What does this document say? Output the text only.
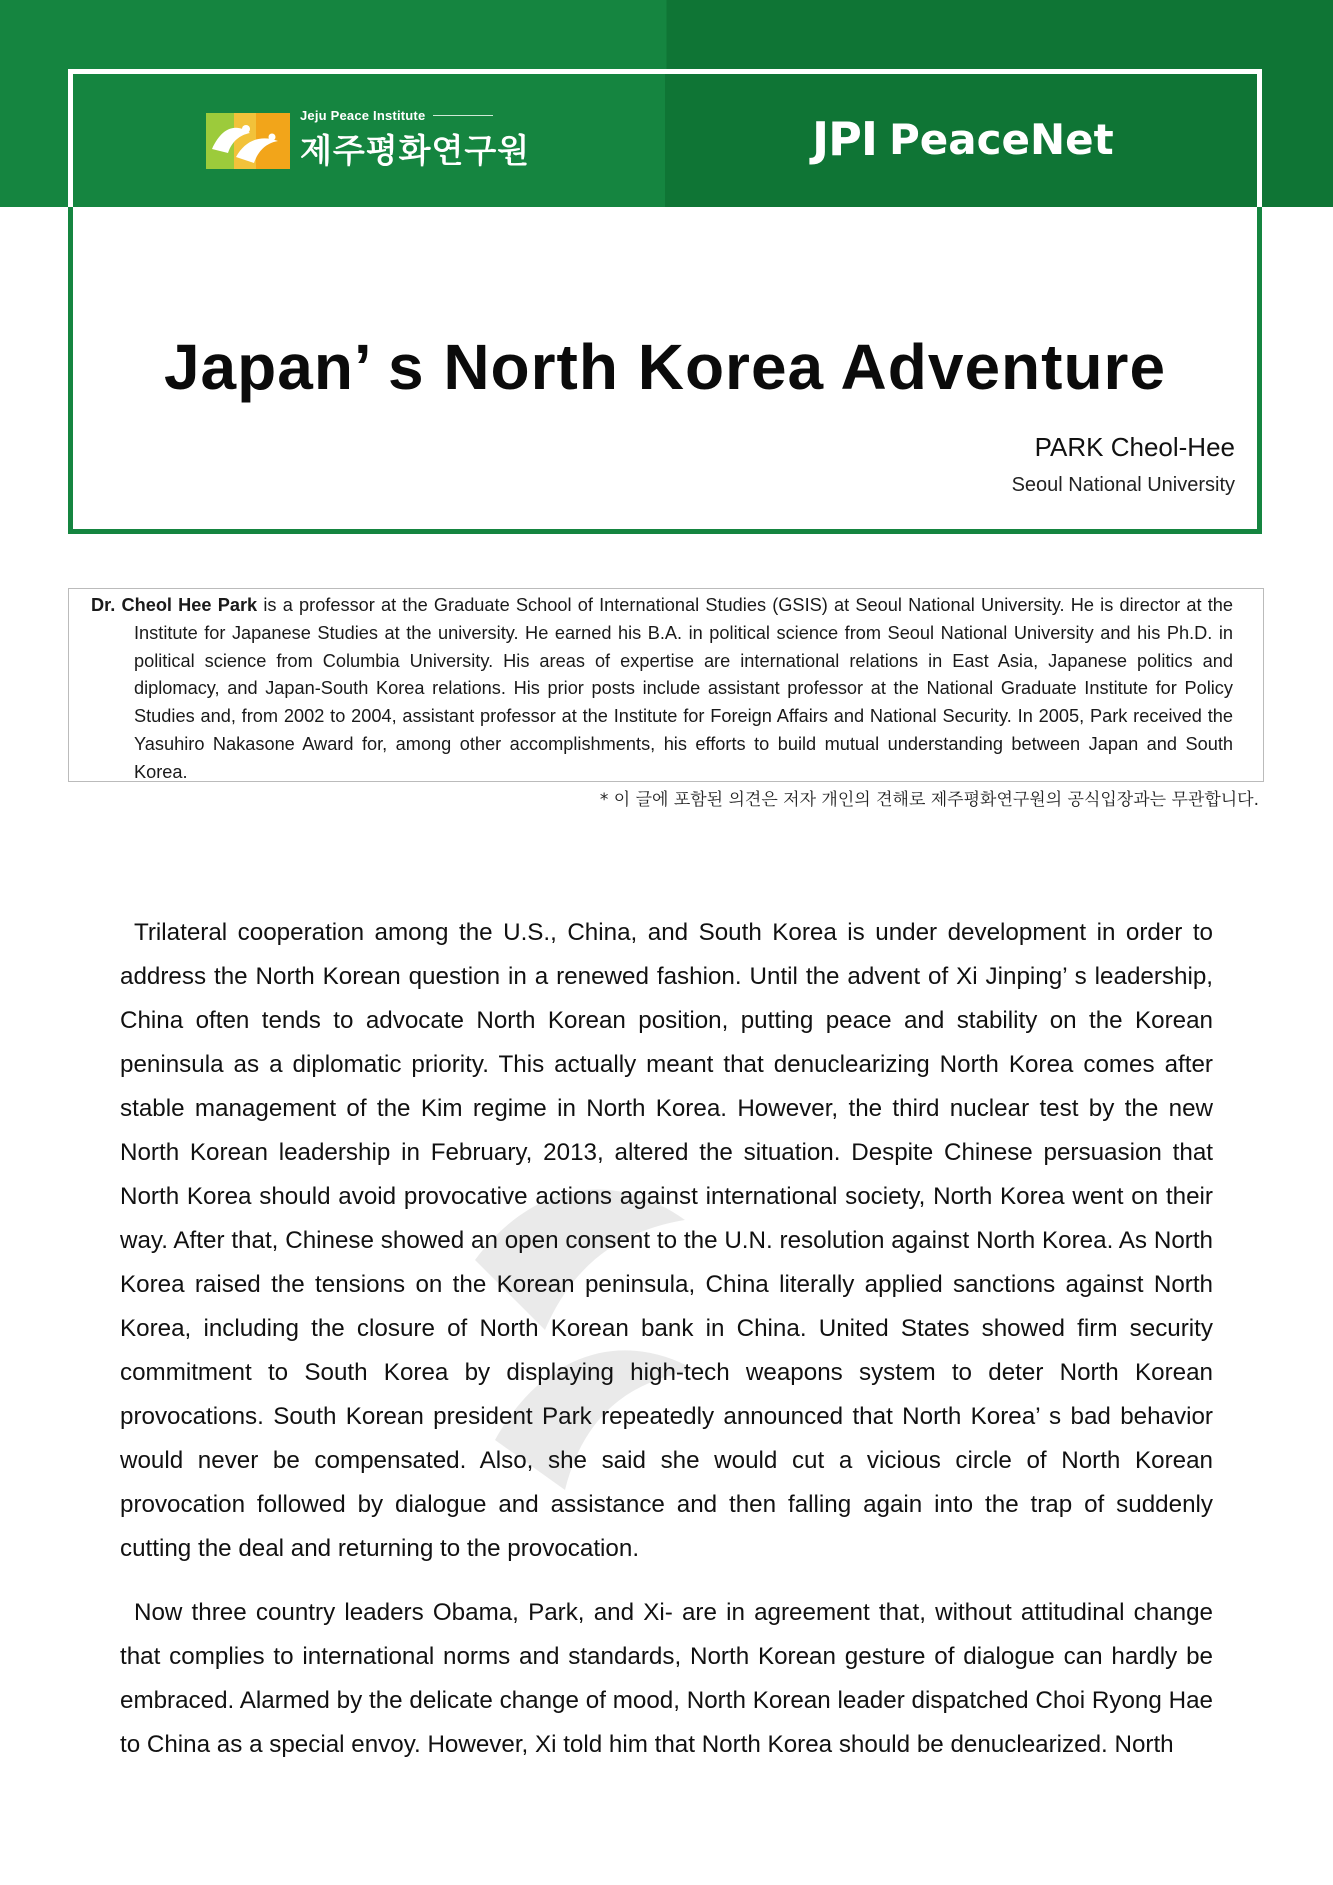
Jeju Peace Institute
제주평화연구원	JPI PeaceNet
Japan’ s North Korea Adventure

PARK Cheol-Hee

Seoul National University

Dr. Cheol Hee Park is a professor at the Graduate School of International Studies (GSIS) at Seoul National University. He is director at the Institute for Japanese Studies at the university. He earned his B.A. in political science from Seoul National University and his Ph.D. in political science from Columbia University. His areas of expertise are international relations in East Asia, Japanese politics and diplomacy, and Japan-South Korea relations. His prior posts include assistant professor at the National Graduate Institute for Policy Studies and, from 2002 to 2004, assistant professor at the Institute for Foreign Affairs and National Security. In 2005, Park received the Yasuhiro Nakasone Award for, among other accomplishments, his efforts to build mutual understanding between Japan and South Korea.

* 이 글에 포함된 의견은 저자 개인의 견해로 제주평화연구원의 공식입장과는 무관합니다.

Trilateral cooperation among the U.S., China, and South Korea is under development in order to address the North Korean question in a renewed fashion. Until the advent of Xi Jinping’ s leadership, China often tends to advocate North Korean position, putting peace and stability on the Korean peninsula as a diplomatic priority. This actually meant that denuclearizing North Korea comes after stable management of the Kim regime in North Korea. However, the third nuclear test by the new North Korean leadership in February, 2013, altered the situation. Despite Chinese persuasion that North Korea should avoid provocative actions against international society, North Korea went on their way. After that, Chinese showed an open consent to the U.N. resolution against North Korea. As North Korea raised the tensions on the Korean peninsula, China literally applied sanctions against North Korea, including the closure of North Korean bank in China. United States showed firm security commitment to South Korea by displaying high-tech weapons system to deter North Korean provocations. South Korean president Park repeatedly announced that North Korea’ s bad behavior would never be compensated. Also, she said she would cut a vicious circle of North Korean provocation followed by dialogue and assistance and then falling again into the trap of suddenly cutting the deal and returning to the provocation.

Now three country leaders Obama, Park, and Xi- are in agreement that, without attitudinal change that complies to international norms and standards, North Korean gesture of dialogue can hardly be embraced. Alarmed by the delicate change of mood, North Korean leader dispatched Choi Ryong Hae to China as a special envoy. However, Xi told him that North Korea should be denuclearized. North
